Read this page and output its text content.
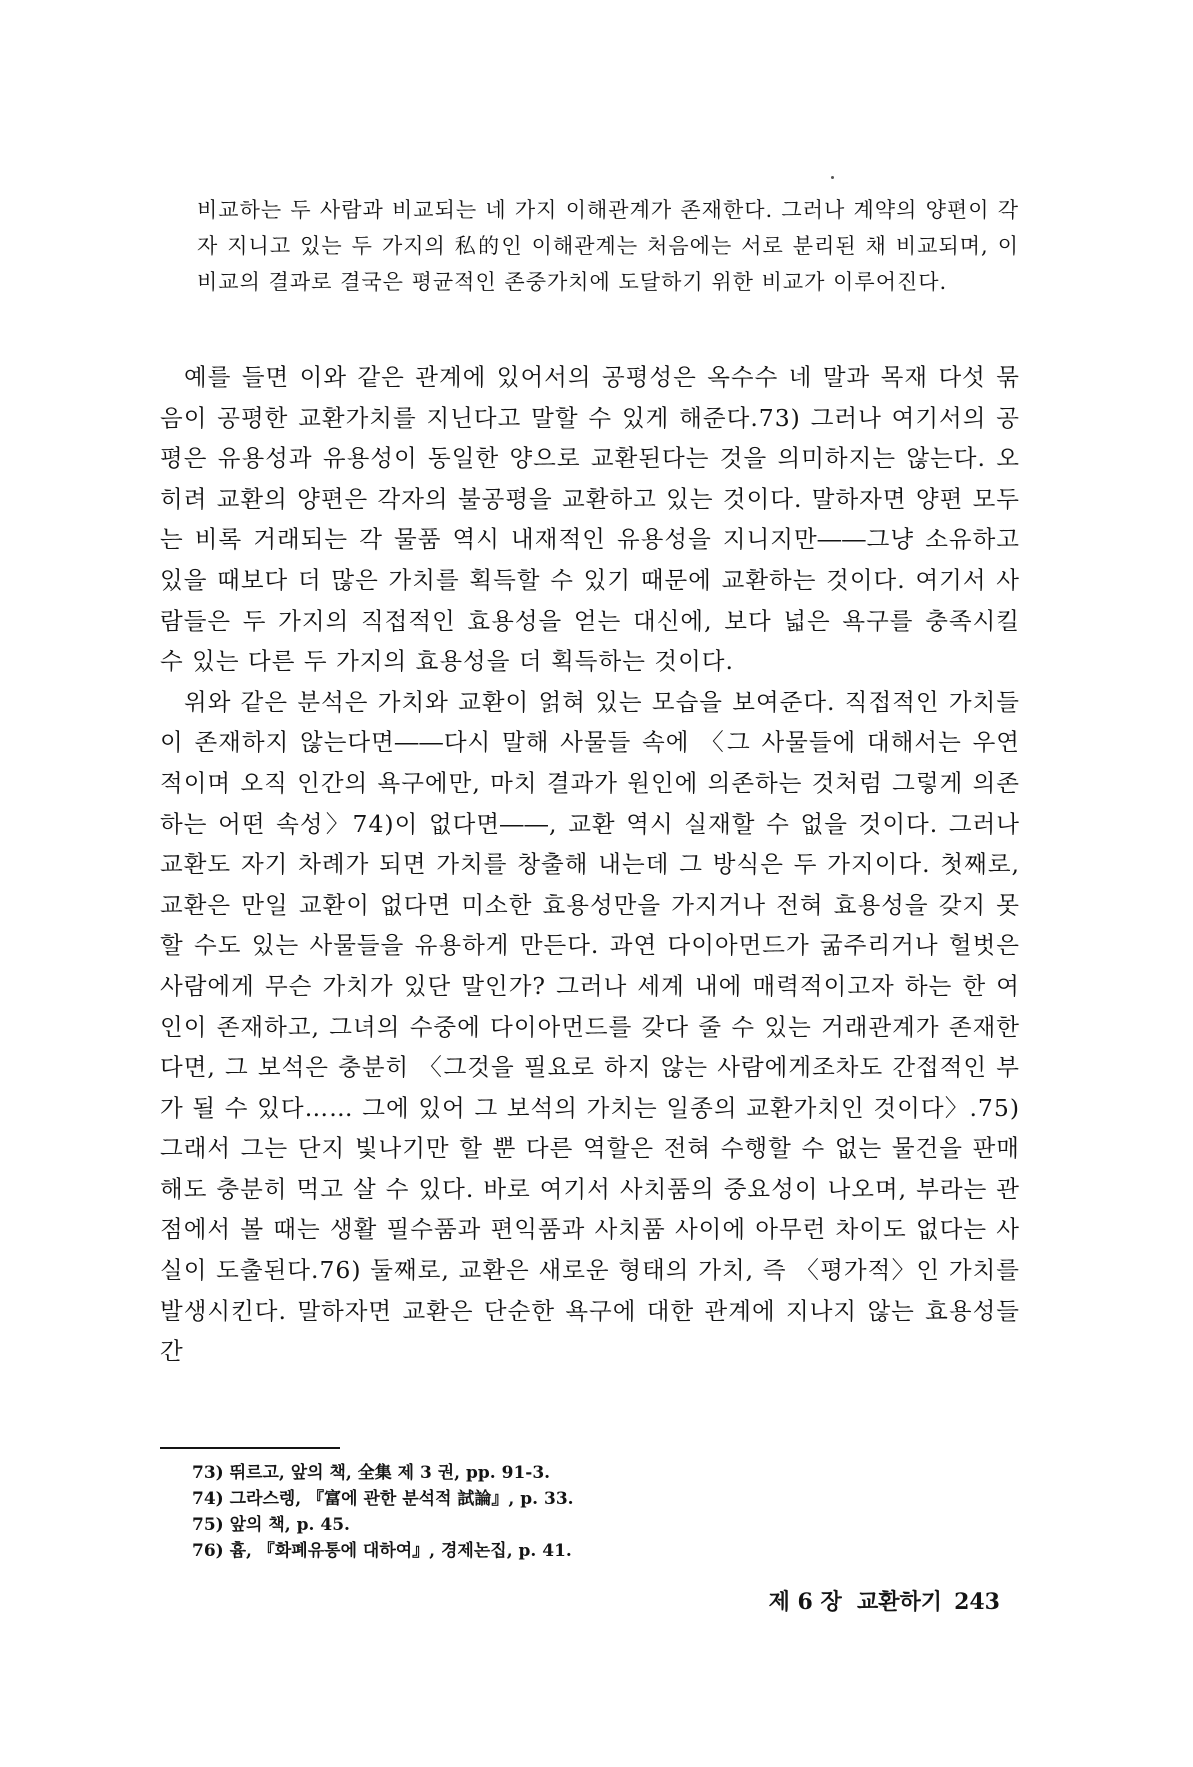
비교하는 두 사람과 비교되는 네 가지 이해관계가 존재한다. 그러나 계약의 양편이 각자 지니고 있는 두 가지의 私的인 이해관계는 처음에는 서로 분리된 채 비교되며, 이 비교의 결과로 결국은 평균적인 존중가치에 도달하기 위한 비교가 이루어진다.

예를 들면 이와 같은 관계에 있어서의 공평성은 옥수수 네 말과 목재 다섯 묶음이 공평한 교환가치를 지닌다고 말할 수 있게 해준다.73) 그러나 여기서의 공평은 유용성과 유용성이 동일한 양으로 교환된다는 것을 의미하지는 않는다. 오히려 교환의 양편은 각자의 불공평을 교환하고 있는 것이다. 말하자면 양편 모두는 비록 거래되는 각 물품 역시 내재적인 유용성을 지니지만――그냥 소유하고 있을 때보다 더 많은 가치를 획득할 수 있기 때문에 교환하는 것이다. 여기서 사람들은 두 가지의 직접적인 효용성을 얻는 대신에, 보다 넓은 욕구를 충족시킬 수 있는 다른 두 가지의 효용성을 더 획득하는 것이다.

위와 같은 분석은 가치와 교환이 얽혀 있는 모습을 보여준다. 직접적인 가치들이 존재하지 않는다면――다시 말해 사물들 속에 〈그 사물들에 대해서는 우연적이며 오직 인간의 욕구에만, 마치 결과가 원인에 의존하는 것처럼 그렇게 의존하는 어떤 속성〉74)이 없다면――, 교환 역시 실재할 수 없을 것이다. 그러나 교환도 자기 차례가 되면 가치를 창출해 내는데 그 방식은 두 가지이다. 첫째로, 교환은 만일 교환이 없다면 미소한 효용성만을 가지거나 전혀 효용성을 갖지 못할 수도 있는 사물들을 유용하게 만든다. 과연 다이아먼드가 굶주리거나 헐벗은 사람에게 무슨 가치가 있단 말인가? 그러나 세계 내에 매력적이고자 하는 한 여인이 존재하고, 그녀의 수중에 다이아먼드를 갖다 줄 수 있는 거래관계가 존재한다면, 그 보석은 충분히 〈그것을 필요로 하지 않는 사람에게조차도 간접적인 부가 될 수 있다…… 그에 있어 그 보석의 가치는 일종의 교환가치인 것이다〉.75) 그래서 그는 단지 빛나기만 할 뿐 다른 역할은 전혀 수행할 수 없는 물건을 판매해도 충분히 먹고 살 수 있다. 바로 여기서 사치품의 중요성이 나오며, 부라는 관점에서 볼 때는 생활 필수품과 편익품과 사치품 사이에 아무런 차이도 없다는 사실이 도출된다.76) 둘째로, 교환은 새로운 형태의 가치, 즉 〈평가적〉인 가치를 발생시킨다. 말하자면 교환은 단순한 욕구에 대한 관계에 지나지 않는 효용성들간

73) 뛰르고, 앞의 책, 全集 제 3 권, pp. 91-3.
74) 그라스렝, 『富에 관한 분석적 試論』, p. 33.
75) 앞의 책, p. 45.
76) 흄, 『화폐유통에 대하여』, 경제논집, p. 41.
제 6 장  교환하기 243
